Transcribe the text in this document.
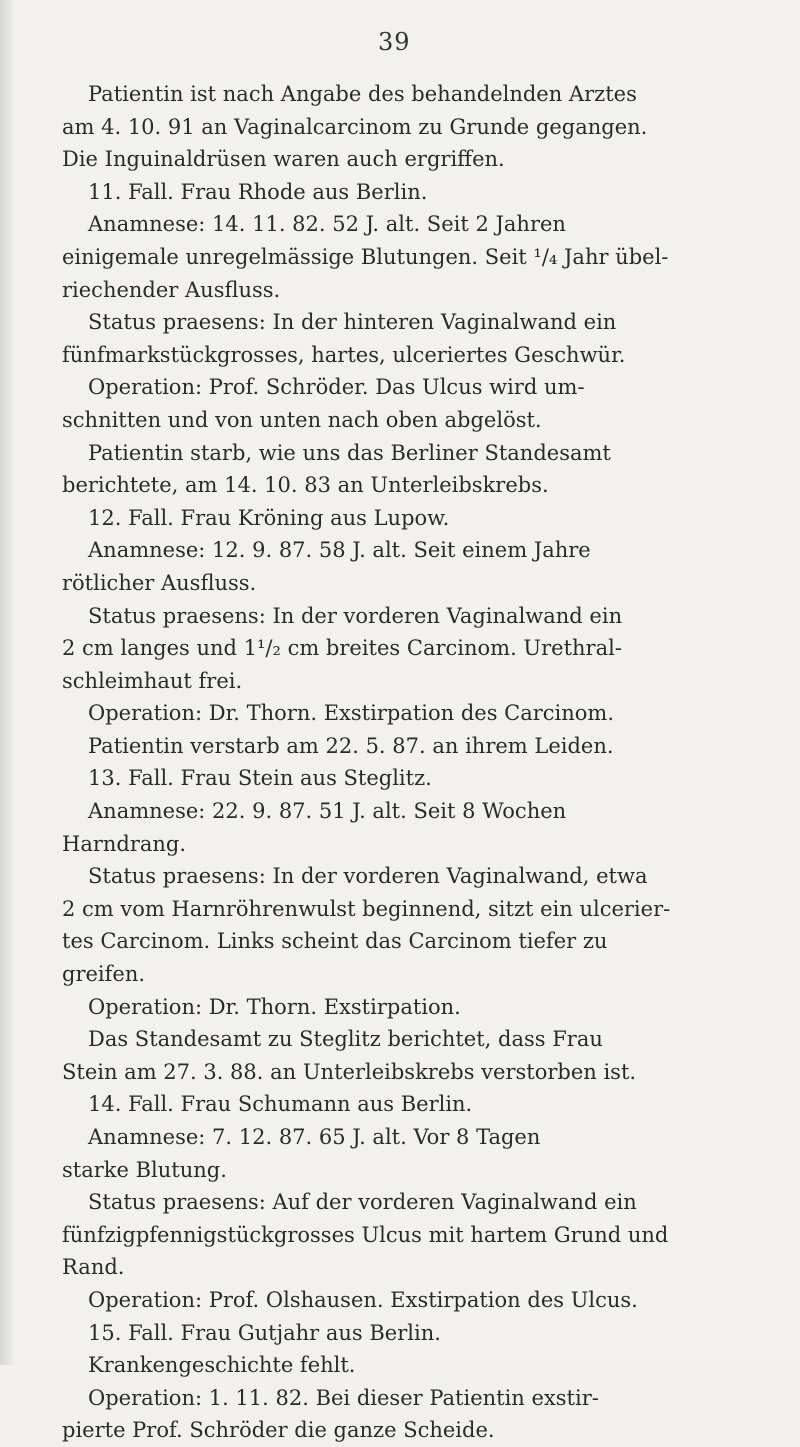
39
Patientin ist nach Angabe des behandelnden Arztes
am 4. 10. 91 an Vaginalcarcinom zu Grunde gegangen.
Die Inguinaldrüsen waren auch ergriffen.
11. Fall. Frau Rhode aus Berlin.
Anamnese: 14. 11. 82. 52 J. alt. Seit 2 Jahren
einigemale unregelmässige Blutungen. Seit ¹/₄ Jahr übel-
riechender Ausfluss.
Status praesens: In der hinteren Vaginalwand ein
fünfmarkstückgrosses, hartes, ulceriertes Geschwür.
Operation: Prof. Schröder. Das Ulcus wird um-
schnitten und von unten nach oben abgelöst.
Patientin starb, wie uns das Berliner Standesamt
berichtete, am 14. 10. 83 an Unterleibskrebs.
12. Fall. Frau Kröning aus Lupow.
Anamnese: 12. 9. 87. 58 J. alt. Seit einem Jahre
rötlicher Ausfluss.
Status praesens: In der vorderen Vaginalwand ein
2 cm langes und 1¹/₂ cm breites Carcinom. Urethral-
schleimhaut frei.
Operation: Dr. Thorn. Exstirpation des Carcinom.
Patientin verstarb am 22. 5. 87. an ihrem Leiden.
13. Fall. Frau Stein aus Steglitz.
Anamnese: 22. 9. 87. 51 J. alt. Seit 8 Wochen
Harndrang.
Status praesens: In der vorderen Vaginalwand, etwa
2 cm vom Harnröhrenwulst beginnend, sitzt ein ulcerier-
tes Carcinom. Links scheint das Carcinom tiefer zu
greifen.
Operation: Dr. Thorn. Exstirpation.
Das Standesamt zu Steglitz berichtet, dass Frau
Stein am 27. 3. 88. an Unterleibskrebs verstorben ist.
14. Fall. Frau Schumann aus Berlin.
Anamnese: 7. 12. 87. 65 J. alt. Vor 8 Tagen
starke Blutung.
Status praesens: Auf der vorderen Vaginalwand ein
fünfzigpfennigstückgrosses Ulcus mit hartem Grund und
Rand.
Operation: Prof. Olshausen. Exstirpation des Ulcus.
15. Fall. Frau Gutjahr aus Berlin.
Krankengeschichte fehlt.
Operation: 1. 11. 82. Bei dieser Patientin exstir-
pierte Prof. Schröder die ganze Scheide.
